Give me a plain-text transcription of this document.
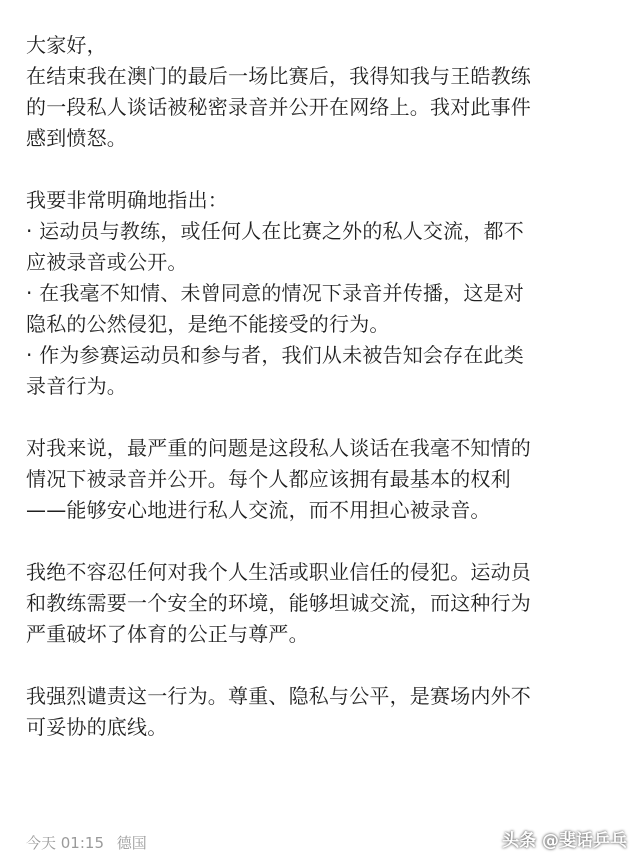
大家好，
在结束我在澳门的最后一场比赛后，我得知我与王皓教练
的一段私人谈话被秘密录音并公开在网络上。我对此事件
感到愤怒。
我要非常明确地指出：
· 运动员与教练，或任何人在比赛之外的私人交流，都不
应被录音或公开。
· 在我毫不知情、未曾同意的情况下录音并传播，这是对
隐私的公然侵犯，是绝不能接受的行为。
· 作为参赛运动员和参与者，我们从未被告知会存在此类
录音行为。
对我来说，最严重的问题是这段私人谈话在我毫不知情的
情况下被录音并公开。每个人都应该拥有最基本的权利
——能够安心地进行私人交流，而不用担心被录音。
我绝不容忍任何对我个人生活或职业信任的侵犯。运动员
和教练需要一个安全的环境，能够坦诚交流，而这种行为
严重破坏了体育的公正与尊严。
我强烈谴责这一行为。尊重、隐私与公平，是赛场内外不
可妥协的底线。
今天 01:15 德国	头条 @斐话乒乓
